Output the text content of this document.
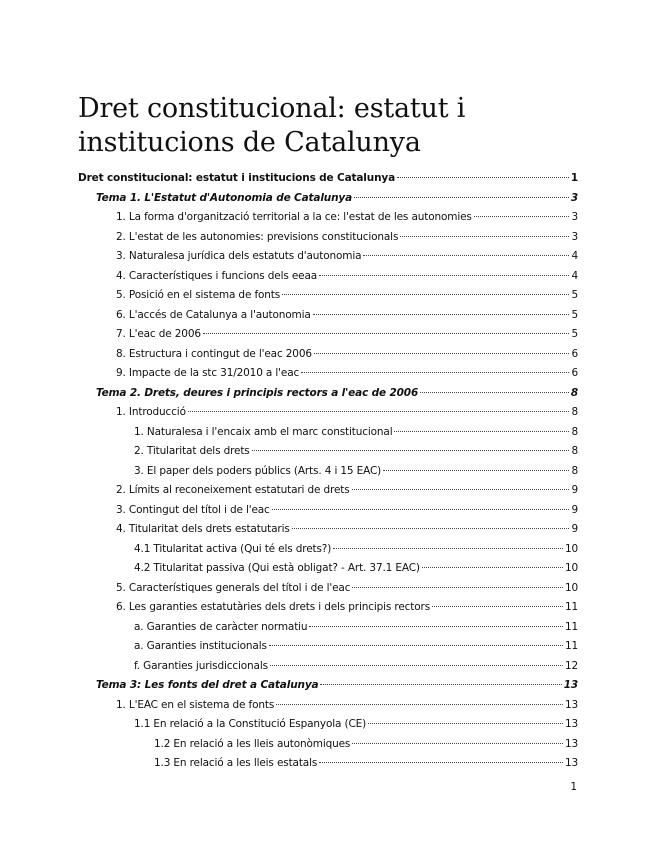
Dret constitucional: estatut i institucions de Catalunya
Dret constitucional: estatut i institucions de Catalunya	1
Tema 1. L'Estatut d'Autonomia de Catalunya	3
1. La forma d'organització territorial a la ce: l'estat de les autonomies	3
2. L'estat de les autonomies: previsions constitucionals	3
3. Naturalesa jurídica dels estatuts d'autonomia	4
4. Característiques i funcions dels eeaa	4
5. Posició en el sistema de fonts	5
6. L'accés de Catalunya a l'autonomia	5
7. L'eac de 2006	5
8. Estructura i contingut de l'eac 2006	6
9. Impacte de la stc 31/2010 a l'eac	6
Tema 2. Drets, deures i principis rectors a l'eac de 2006	8
1. Introducció	8
1. Naturalesa i l'encaix amb el marc constitucional	8
2. Titularitat dels drets	8
3. El paper dels poders públics (Arts. 4 i 15 EAC)	8
2. Límits al reconeixement estatutari de drets	9
3. Contingut del títol i de l'eac	9
4. Titularitat dels drets estatutaris	9
4.1 Titularitat activa (Qui té els drets?)	10
4.2 Titularitat passiva (Qui està obligat? - Art. 37.1 EAC)	10
5. Característiques generals del títol i de l'eac	10
6. Les garanties estatutàries dels drets i dels principis rectors	11
a. Garanties de caràcter normatiu	11
a. Garanties institucionals	11
f. Garanties jurisdiccionals	12
Tema 3: Les fonts del dret a Catalunya	13
1. L'EAC en el sistema de fonts	13
1.1 En relació a la Constitució Espanyola (CE)	13
1.2 En relació a les lleis autonòmiques	13
1.3 En relació a les lleis estatals	13
1
